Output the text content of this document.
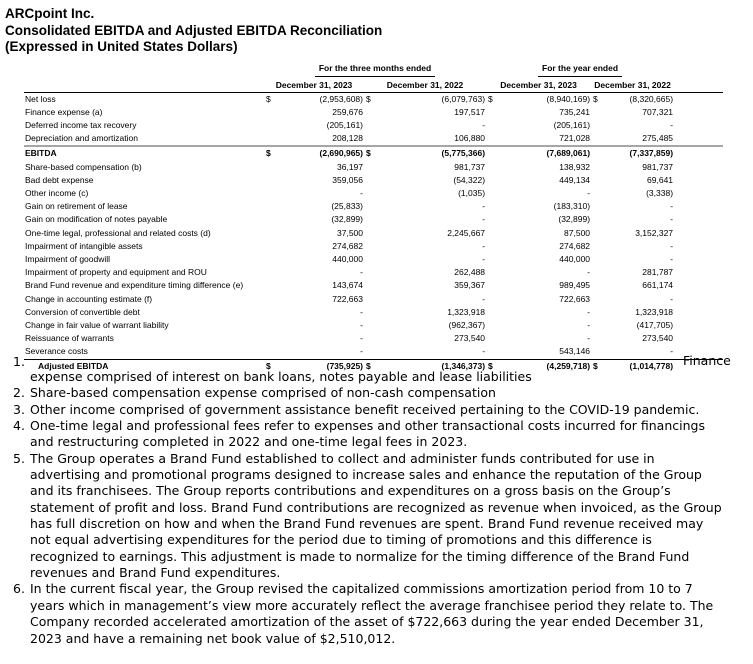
ARCpoint Inc.
Consolidated EBITDA and Adjusted EBITDA Reconciliation
(Expressed in United States Dollars)
	For the three months ended				For the year ended				
	December 31, 2023		December 31, 2022		December 31, 2023		December 31, 2022		
Net loss	$	(2,953,608)	$	(6,079,763)	$	(8,940,169)	$	(8,320,665)	
Finance expense (a)		259,676		197,517		735,241		707,321	
Deferred income tax recovery		(205,161)		-		(205,161)		-	
Depreciation and amortization		208,128		106,880		721,028		275,485	
EBITDA	$	(2,690,965)	$	(5,775,366)		(7,689,061)		(7,337,859)	
Share-based compensation (b)		36,197		981,737		138,932		981,737	
Bad debt expense		359,056		(54,322)		449,134		69,641	
Other income (c)		-		(1,035)		-		(3,338)	
Gain on retirement of lease		(25,833)		-		(183,310)		-	
Gain on modification of notes payable		(32,899)		-		(32,899)		-	
One-time legal, professional and related costs (d)		37,500		2,245,667		87,500		3,152,327	
Impairment of intangible assets		274,682		-		274,682		-	
Impairment of goodwill		440,000		-		440,000		-	
Impairment of property and equipment and ROU		-		262,488		-		281,787	
Brand Fund revenue and expenditure timing difference (e)		143,674		359,367		989,495		661,174	
Change in accounting estimate (f)		722,663		-		722,663		-	
Conversion of convertible debt		-		1,323,918		-		1,323,918	
Change in fair value of warrant liability		-		(962,367)		-		(417,705)	
Reissuance of warrants		-		273,540		-		273,540	
Severance costs		-		-		543,146		-	
Adjusted EBITDA	$	(735,925)	$	(1,346,373)	$	(4,259,718)	$	(1,014,778)	
1.	Finance
expense comprised of interest on bank loans, notes payable and lease liabilities
2. Share-based compensation expense comprised of non-cash compensation
3. Other income comprised of government assistance benefit received pertaining to the COVID-19 pandemic.
4. One-time legal and professional fees refer to expenses and other transactional costs incurred for financings and restructuring completed in 2022 and one-time legal fees in 2023.
5. The Group operates a Brand Fund established to collect and administer funds contributed for use in advertising and promotional programs designed to increase sales and enhance the reputation of the Group and its franchisees. The Group reports contributions and expenditures on a gross basis on the Group’s statement of profit and loss. Brand Fund contributions are recognized as revenue when invoiced, as the Group has full discretion on how and when the Brand Fund revenues are spent. Brand Fund revenue received may not equal advertising expenditures for the period due to timing of promotions and this difference is recognized to earnings. This adjustment is made to normalize for the timing difference of the Brand Fund revenues and Brand Fund expenditures.
6. In the current fiscal year, the Group revised the capitalized commissions amortization period from 10 to 7 years which in management’s view more accurately reflect the average franchisee period they relate to. The Company recorded accelerated amortization of the asset of $722,663 during the year ended December 31, 2023 and have a remaining net book value of $2,510,012.
